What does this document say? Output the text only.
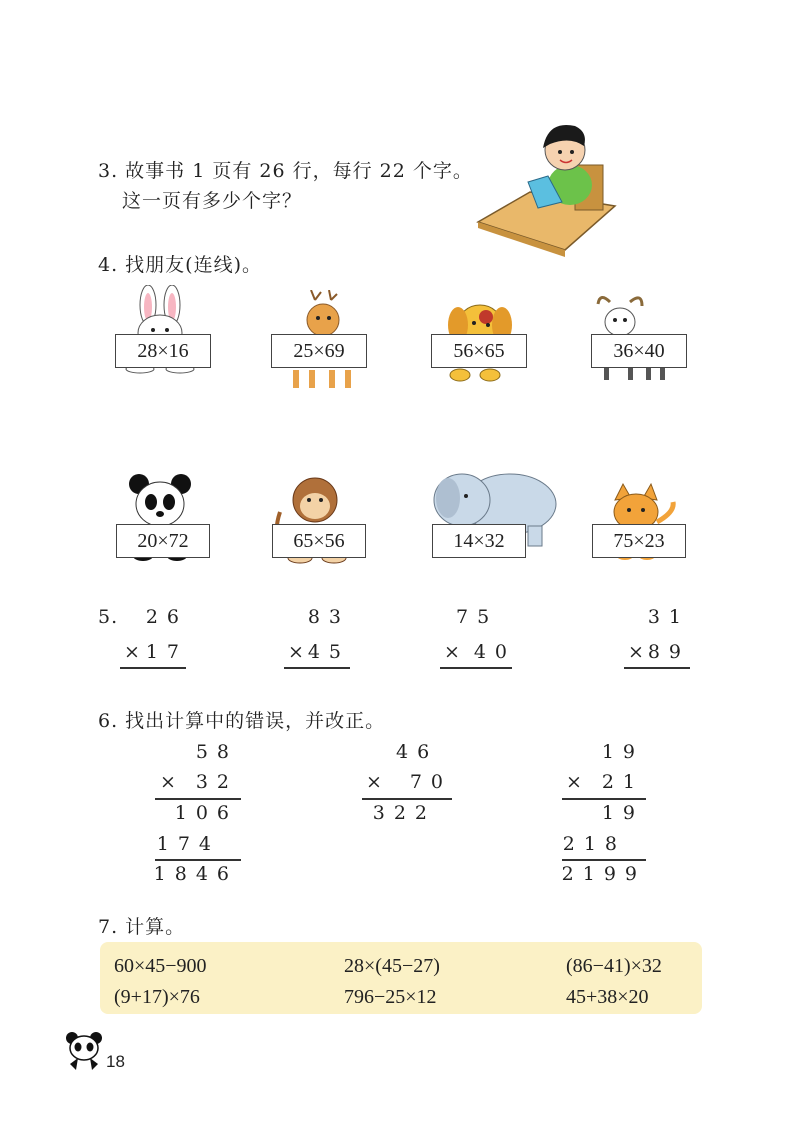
3. 故事书 1 页有 26 行，每行 22 个字。
这一页有多少个字？
4. 找朋友(连线)。
28×16	25×69	56×65	36×40
20×72	65×56	14×32	75×23
5.	26
× 17
83
× 45
75
× 40
31
× 89
6. 找出计算中的错误，并改正。
58
×	32
106
174
1846
46
× 70
322
19
×	21
19
218
2199
7. 计算。
60×45−900	28×(45−27)	(86−41)×32
(9+17)×76	796−25×12	45+38×20
18
